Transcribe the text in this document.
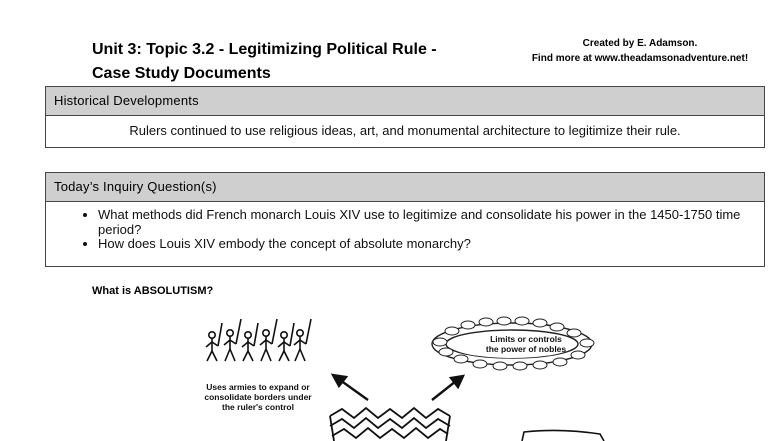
Unit 3: Topic 3.2 - Legitimizing Political Rule -
Case Study Documents
Created by E. Adamson.
Find more at www.theadamsonadventure.net!
Historical Developments
Rulers continued to use religious ideas, art, and monumental architecture to legitimize their rule.
Today’s Inquiry Question(s)
• What methods did French monarch Louis XIV use to legitimize and consolidate his power in the 1450-1750 time period?
• How does Louis XIV embody the concept of absolute monarchy?
What is ABSOLUTISM?
Uses armies to expand or
consolidate borders under
the ruler's control
Limits or controls
the power of nobles
